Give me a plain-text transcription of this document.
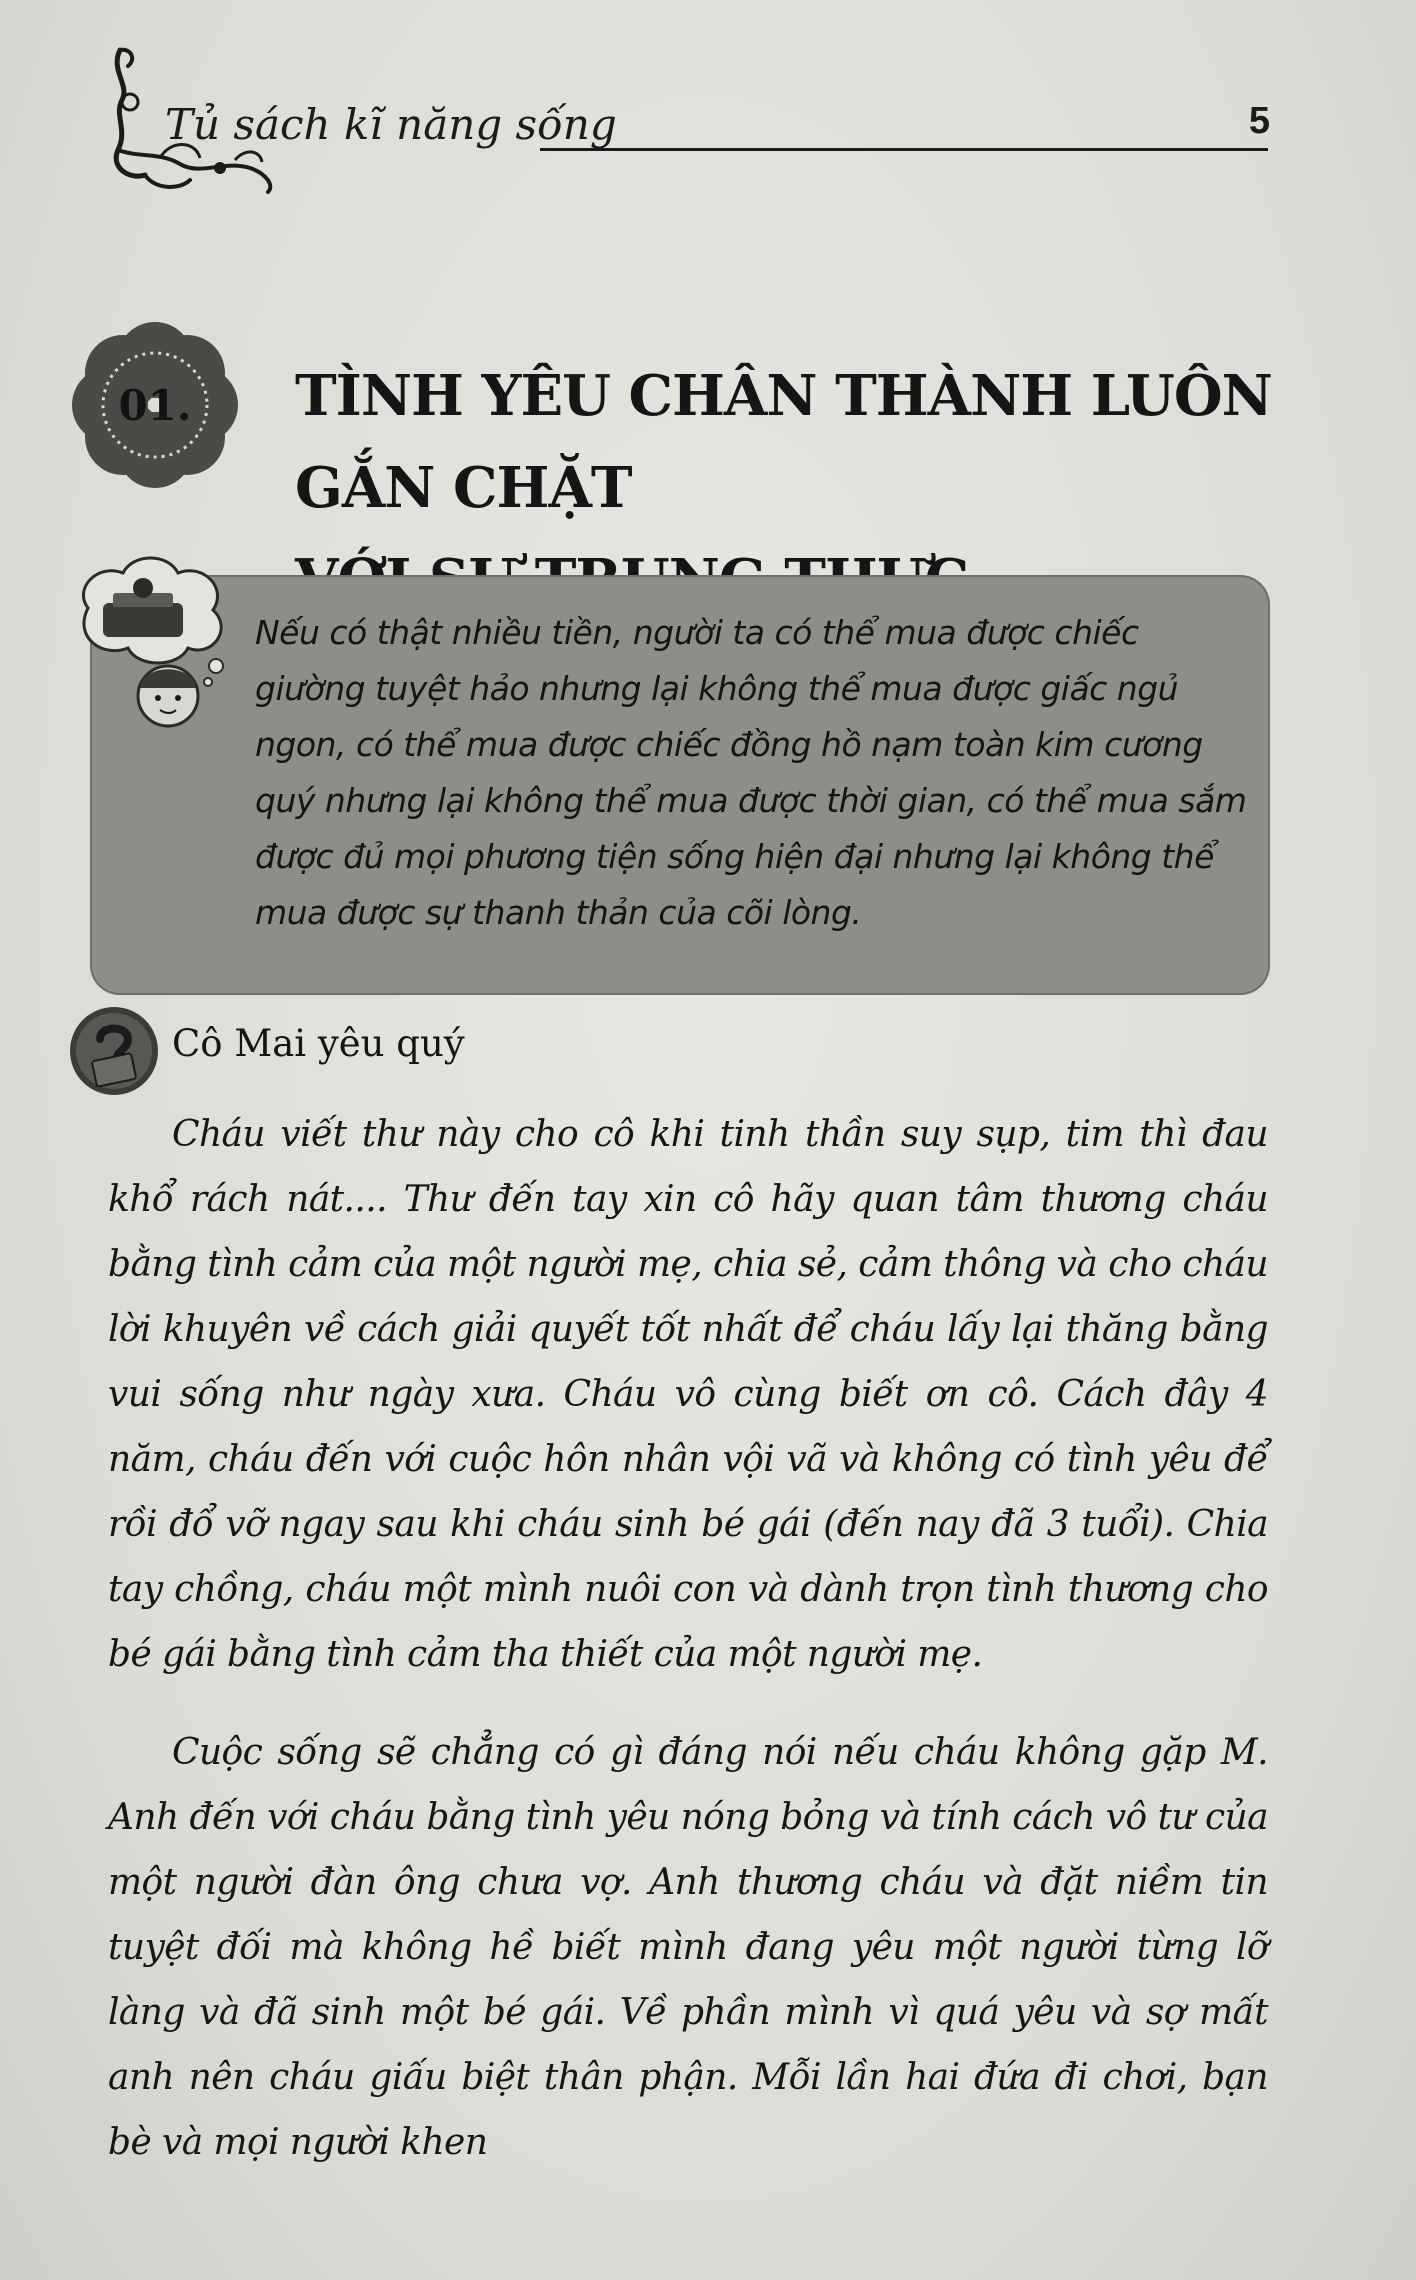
Tủ sách kĩ năng sống	5
01. TÌNH YÊU CHÂN THÀNH LUÔN GẮN CHẶT
Nếu có thật nhiều tiền, người ta có thể mua được chiếc giường tuyệt hảo nhưng lại không thể mua được giấc ngủ ngon, có thể mua được chiếc đồng hồ nạm toàn kim cương quý nhưng lại không thể mua được thời gian, có thể mua sắm được đủ mọi phương tiện sống hiện đại nhưng lại không thể mua được sự thanh thản của cõi lòng.
Cô Mai yêu quý

Cháu viết thư này cho cô khi tinh thần suy sụp, tim thì đau khổ rách nát.... Thư đến tay xin cô hãy quan tâm thương cháu bằng tình cảm của một người mẹ, chia sẻ, cảm thông và cho cháu lời khuyên về cách giải quyết tốt nhất để cháu lấy lại thăng bằng vui sống như ngày xưa. Cháu vô cùng biết ơn cô. Cách đây 4 năm, cháu đến với cuộc hôn nhân vội vã và không có tình yêu để rồi đổ vỡ ngay sau khi cháu sinh bé gái (đến nay đã 3 tuổi). Chia tay chồng, cháu một mình nuôi con và dành trọn tình thương cho bé gái bằng tình cảm tha thiết của một người mẹ.

Cuộc sống sẽ chẳng có gì đáng nói nếu cháu không gặp M. Anh đến với cháu bằng tình yêu nóng bỏng và tính cách vô tư của một người đàn ông chưa vợ. Anh thương cháu và đặt niềm tin tuyệt đối mà không hề biết mình đang yêu một người từng lỡ làng và đã sinh một bé gái. Về phần mình vì quá yêu và sợ mất anh nên cháu giấu biệt thân phận. Mỗi lần hai đứa đi chơi, bạn bè và mọi người khen
